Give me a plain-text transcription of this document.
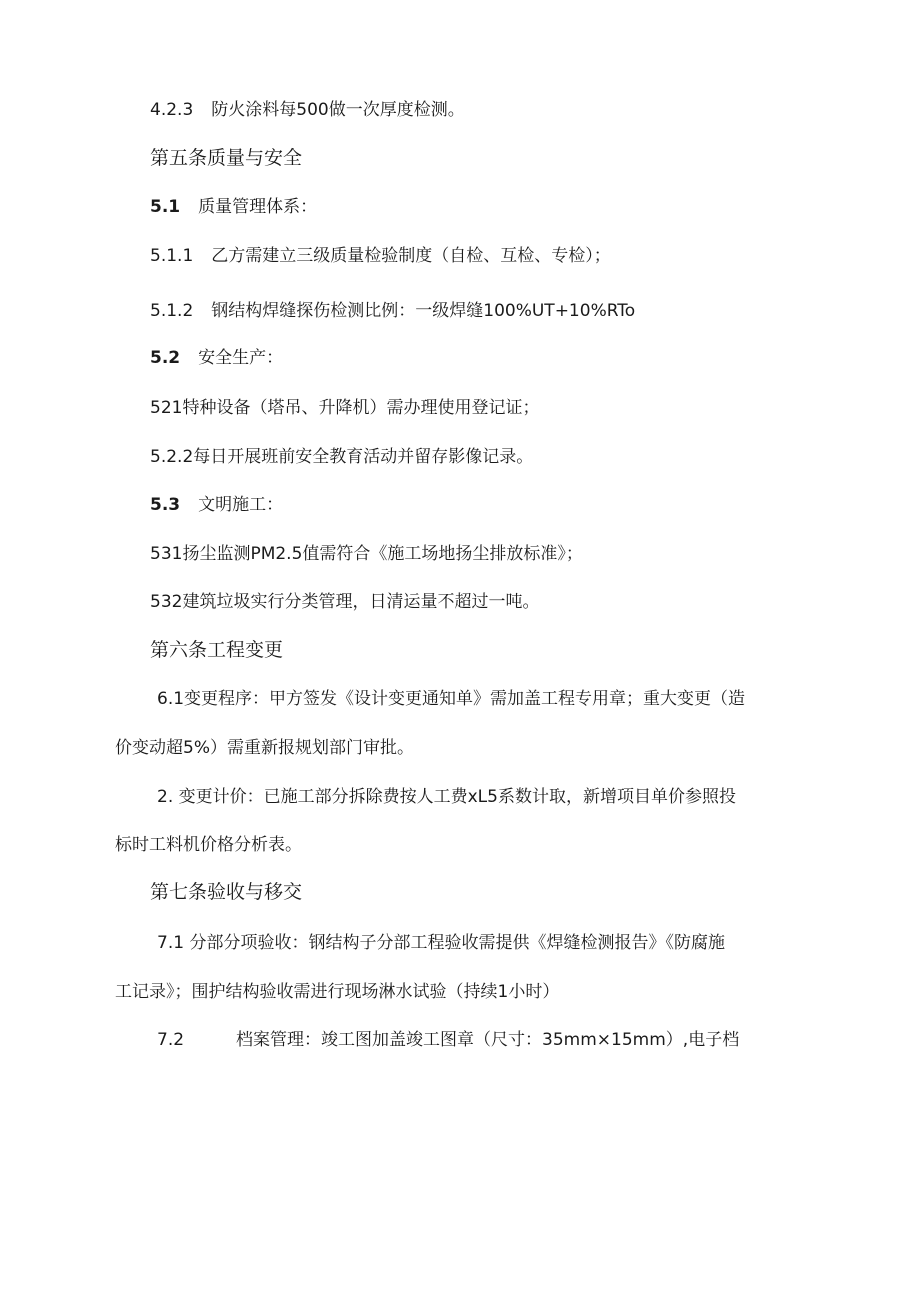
4.2.3 防火涂料每500做一次厚度检测。
第五条质量与安全
5.1 质量管理体系：
5.1.1 乙方需建立三级质量检验制度（自检、互检、专检）；
5.1.2 钢结构焊缝探伤检测比例：一级焊缝100%UT+10%RTo
5.2 安全生产：
521特种设备（塔吊、升降机）需办理使用登记证；
5.2.2每日开展班前安全教育活动并留存影像记录。
5.3 文明施工：
531扬尘监测PM2.5值需符合《施工场地扬尘排放标准》；
532建筑垃圾实行分类管理，日清运量不超过一吨。
第六条工程变更
6.1变更程序：甲方签发《设计变更通知单》需加盖工程专用章；重大变更（造
价变动超5%）需重新报规划部门审批。
2. 变更计价：已施工部分拆除费按人工费xL5系数计取，新增项目单价参照投
标时工料机价格分析表。
第七条验收与移交
7.1 分部分项验收：钢结构子分部工程验收需提供《焊缝检测报告》《防腐施
工记录》；围护结构验收需进行现场淋水试验（持续1小时）
7.2	档案管理：竣工图加盖竣工图章（尺寸：35mm×15mm）,电子档
